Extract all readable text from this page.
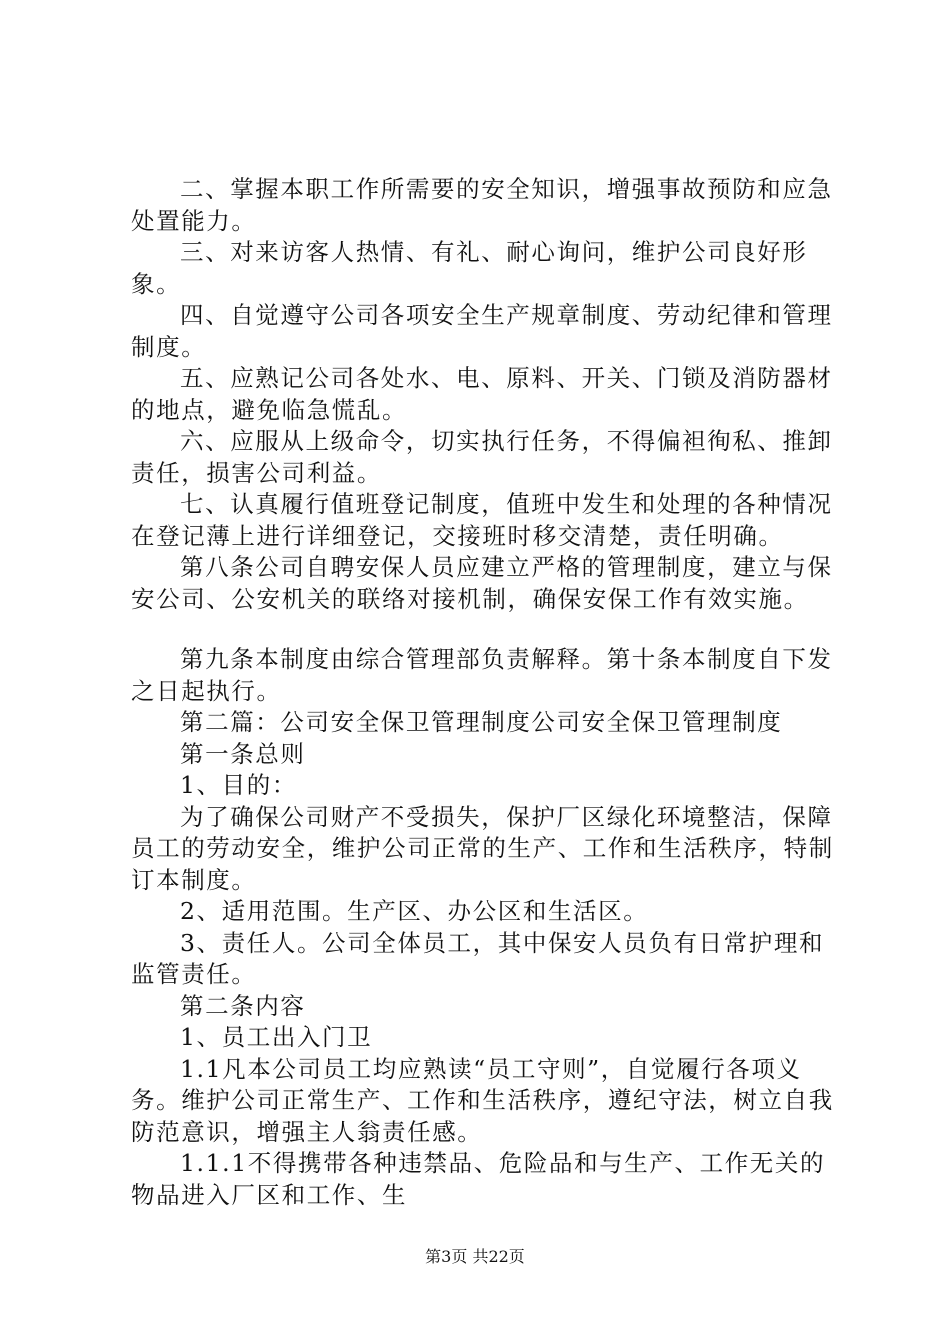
二、掌握本职工作所需要的安全知识，增强事故预防和应急处置能力。

三、对来访客人热情、有礼、耐心询问，维护公司良好形象。

四、自觉遵守公司各项安全生产规章制度、劳动纪律和管理制度。

五、应熟记公司各处水、电、原料、开关、门锁及消防器材的地点，避免临急慌乱。

六、应服从上级命令，切实执行任务，不得偏袒徇私、推卸责任，损害公司利益。

七、认真履行值班登记制度，值班中发生和处理的各种情况在登记薄上进行详细登记，交接班时移交清楚，责任明确。

第八条公司自聘安保人员应建立严格的管理制度，建立与保安公司、公安机关的联络对接机制，确保安保工作有效实施。

第九条本制度由综合管理部负责解释。第十条本制度自下发之日起执行。

第二篇：公司安全保卫管理制度公司安全保卫管理制度

第一条总则

1、目的：

为了确保公司财产不受损失，保护厂区绿化环境整洁，保障员工的劳动安全，维护公司正常的生产、工作和生活秩序，特制订本制度。

2、适用范围。生产区、办公区和生活区。

3、责任人。公司全体员工，其中保安人员负有日常护理和监管责任。

第二条内容

1、员工出入门卫

1.1凡本公司员工均应熟读“员工守则”，自觉履行各项义务。维护公司正常生产、工作和生活秩序，遵纪守法，树立自我防范意识，增强主人翁责任感。

1.1.1不得携带各种违禁品、危险品和与生产、工作无关的物品进入厂区和工作、生

第3页 共22页
